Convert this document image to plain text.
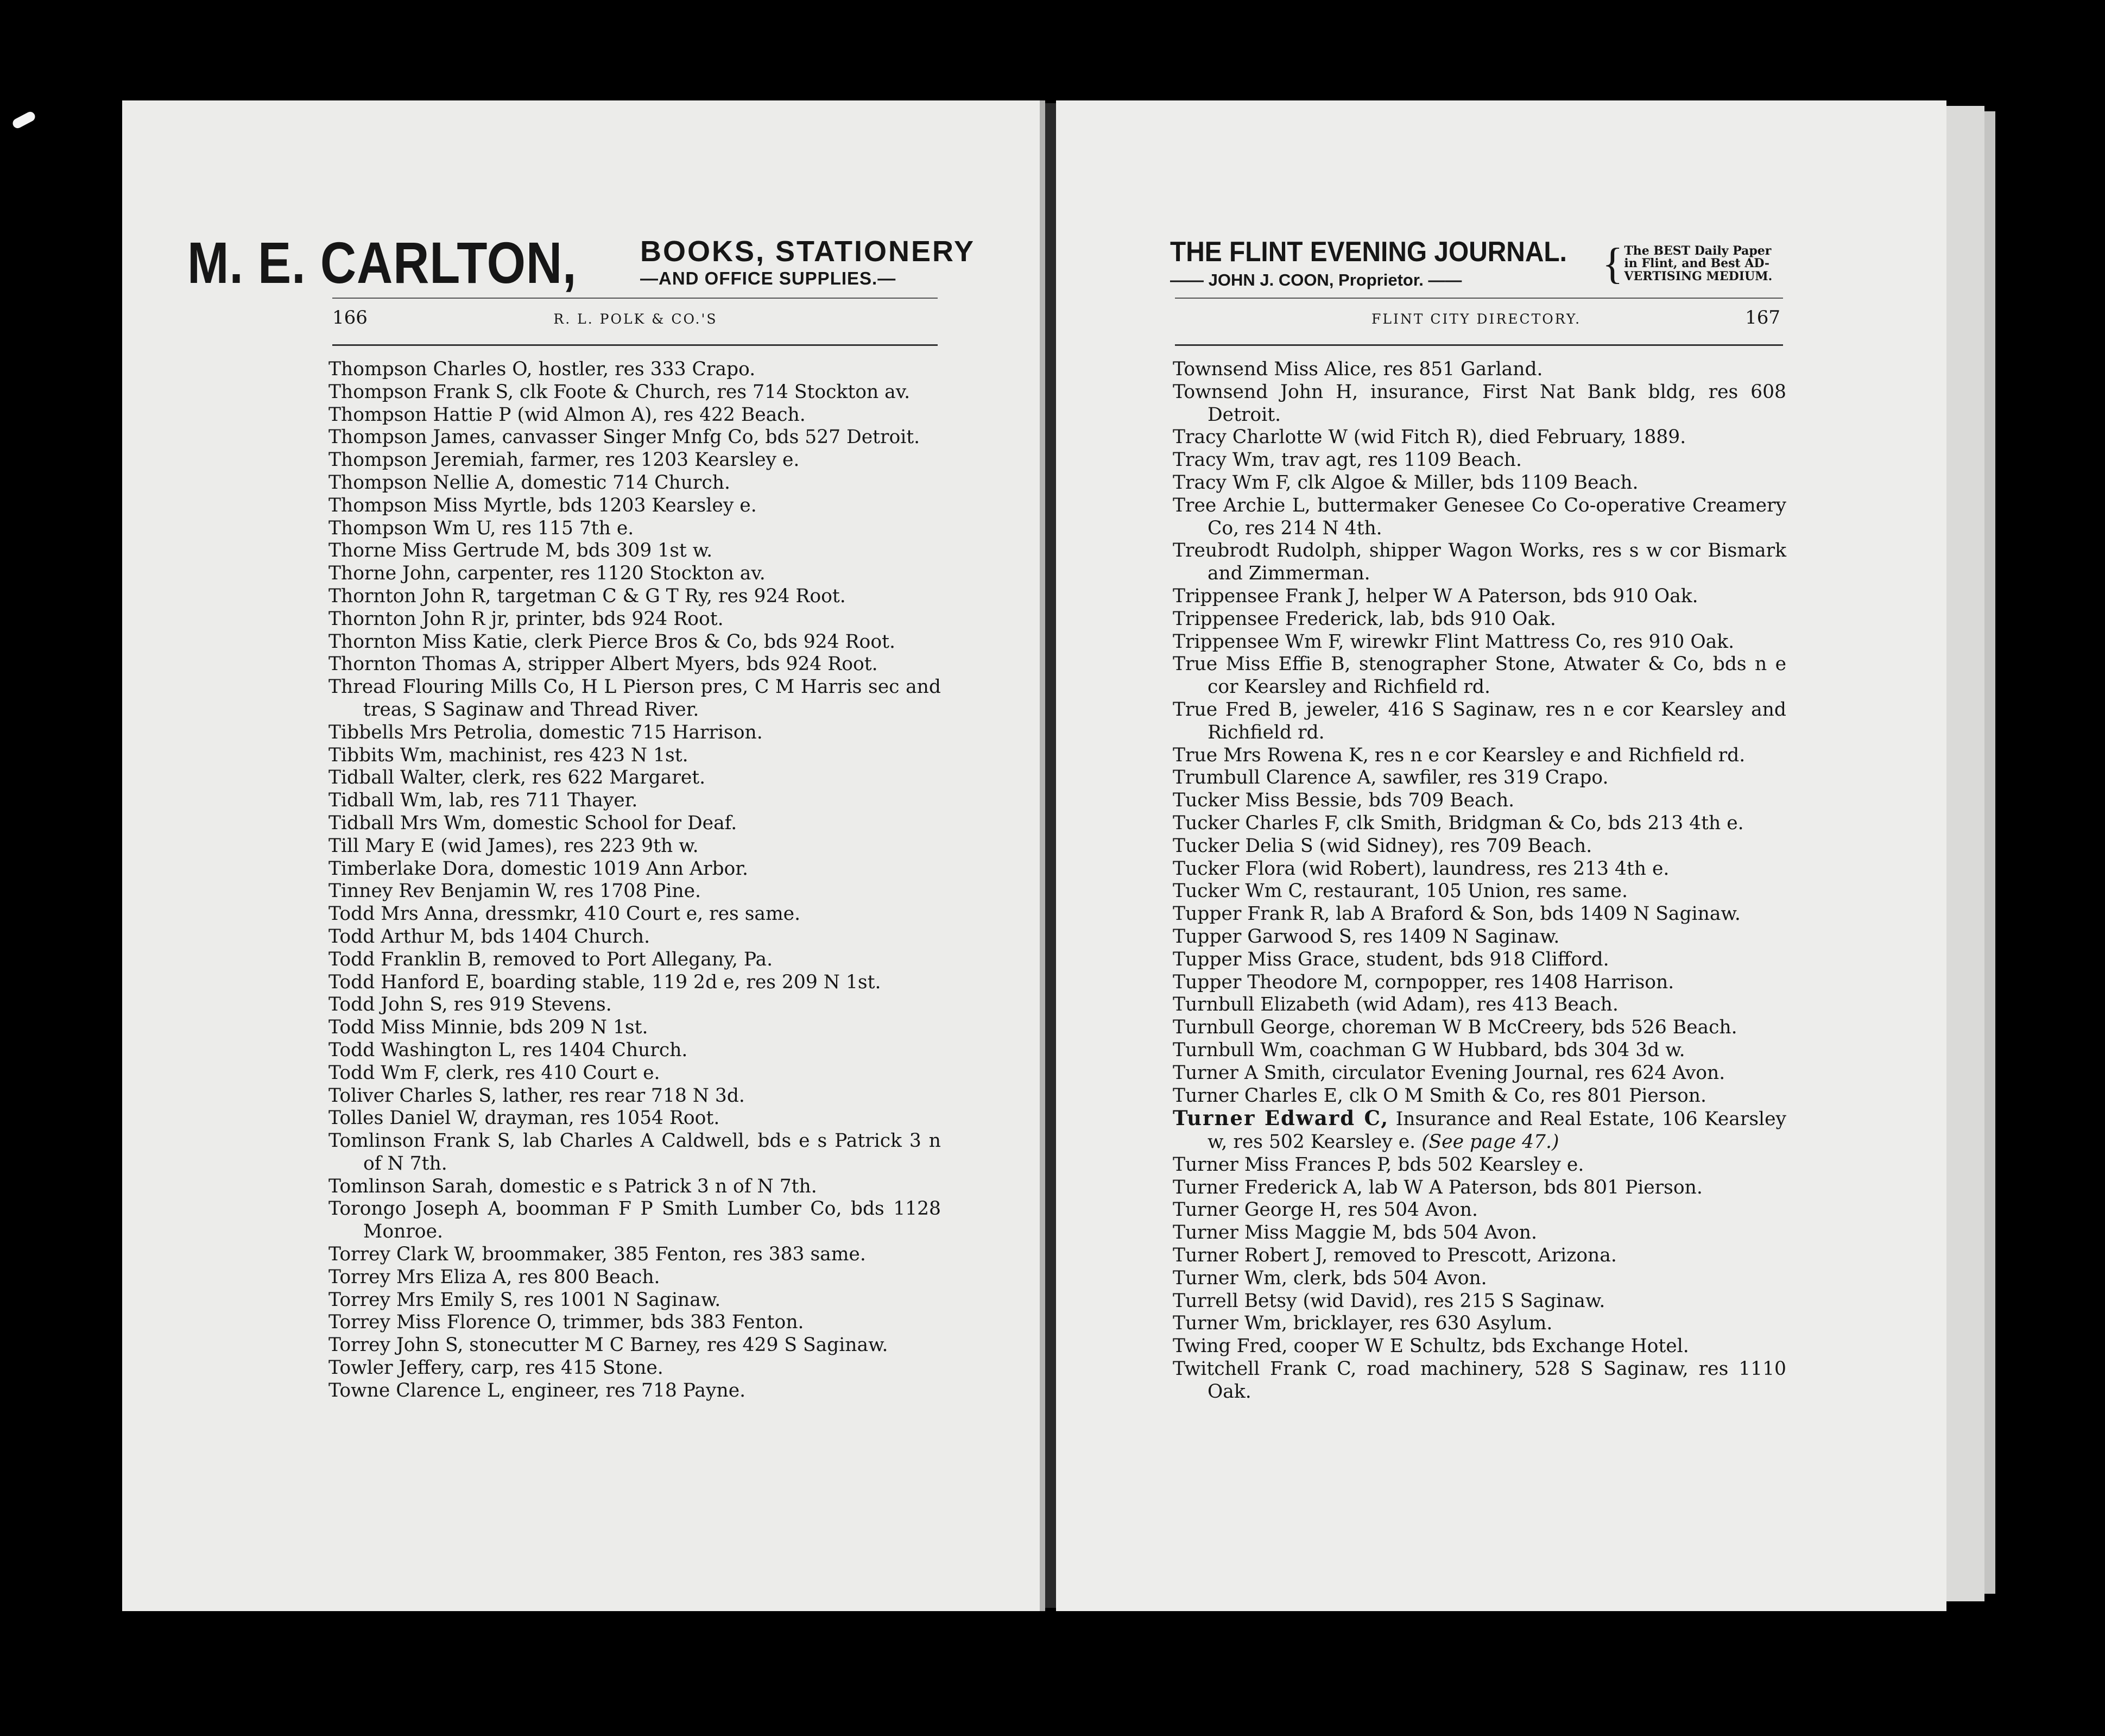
M. E. CARLTON, BOOKS, STATIONERY
—AND OFFICE SUPPLIES.—
166	R. L. POLK & CO.'S
Thompson Charles O, hostler, res 333 Crapo.
Thompson Frank S, clk Foote & Church, res 714 Stockton av.
Thompson Hattie P (wid Almon A), res 422 Beach.
Thompson James, canvasser Singer Mnfg Co, bds 527 Detroit.
Thompson Jeremiah, farmer, res 1203 Kearsley e.
Thompson Nellie A, domestic 714 Church.
Thompson Miss Myrtle, bds 1203 Kearsley e.
Thompson Wm U, res 115 7th e.
Thorne Miss Gertrude M, bds 309 1st w.
Thorne John, carpenter, res 1120 Stockton av.
Thornton John R, targetman C & G T Ry, res 924 Root.
Thornton John R jr, printer, bds 924 Root.
Thornton Miss Katie, clerk Pierce Bros & Co, bds 924 Root.
Thornton Thomas A, stripper Albert Myers, bds 924 Root.
Thread Flouring Mills Co, H L Pierson pres, C M Harris sec and treas, S Saginaw and Thread River.
Tibbells Mrs Petrolia, domestic 715 Harrison.
Tibbits Wm, machinist, res 423 N 1st.
Tidball Walter, clerk, res 622 Margaret.
Tidball Wm, lab, res 711 Thayer.
Tidball Mrs Wm, domestic School for Deaf.
Till Mary E (wid James), res 223 9th w.
Timberlake Dora, domestic 1019 Ann Arbor.
Tinney Rev Benjamin W, res 1708 Pine.
Todd Mrs Anna, dressmkr, 410 Court e, res same.
Todd Arthur M, bds 1404 Church.
Todd Franklin B, removed to Port Allegany, Pa.
Todd Hanford E, boarding stable, 119 2d e, res 209 N 1st.
Todd John S, res 919 Stevens.
Todd Miss Minnie, bds 209 N 1st.
Todd Washington L, res 1404 Church.
Todd Wm F, clerk, res 410 Court e.
Toliver Charles S, lather, res rear 718 N 3d.
Tolles Daniel W, drayman, res 1054 Root.
Tomlinson Frank S, lab Charles A Caldwell, bds e s Patrick 3 n of N 7th.
Tomlinson Sarah, domestic e s Patrick 3 n of N 7th.
Torongo Joseph A, boomman F P Smith Lumber Co, bds 1128 Monroe.
Torrey Clark W, broommaker, 385 Fenton, res 383 same.
Torrey Mrs Eliza A, res 800 Beach.
Torrey Mrs Emily S, res 1001 N Saginaw.
Torrey Miss Florence O, trimmer, bds 383 Fenton.
Torrey John S, stonecutter M C Barney, res 429 S Saginaw.
Towler Jeffery, carp, res 415 Stone.
Towne Clarence L, engineer, res 718 Payne.
THE FLINT EVENING JOURNAL.
—— JOHN J. COON, Proprietor. ——	{ The BEST Daily Paper
in Flint, and Best AD-
VERTISING MEDIUM.
FLINT CITY DIRECTORY.	167
Townsend Miss Alice, res 851 Garland.
Townsend John H, insurance, First Nat Bank bldg, res 608 Detroit.
Tracy Charlotte W (wid Fitch R), died February, 1889.
Tracy Wm, trav agt, res 1109 Beach.
Tracy Wm F, clk Algoe & Miller, bds 1109 Beach.
Tree Archie L, buttermaker Genesee Co Co-operative Creamery Co, res 214 N 4th.
Treubrodt Rudolph, shipper Wagon Works, res s w cor Bismark and Zimmerman.
Trippensee Frank J, helper W A Paterson, bds 910 Oak.
Trippensee Frederick, lab, bds 910 Oak.
Trippensee Wm F, wirewkr Flint Mattress Co, res 910 Oak.
True Miss Effie B, stenographer Stone, Atwater & Co, bds n e cor Kearsley and Richfield rd.
True Fred B, jeweler, 416 S Saginaw, res n e cor Kearsley and Richfield rd.
True Mrs Rowena K, res n e cor Kearsley e and Richfield rd.
Trumbull Clarence A, sawfiler, res 319 Crapo.
Tucker Miss Bessie, bds 709 Beach.
Tucker Charles F, clk Smith, Bridgman & Co, bds 213 4th e.
Tucker Delia S (wid Sidney), res 709 Beach.
Tucker Flora (wid Robert), laundress, res 213 4th e.
Tucker Wm C, restaurant, 105 Union, res same.
Tupper Frank R, lab A Braford & Son, bds 1409 N Saginaw.
Tupper Garwood S, res 1409 N Saginaw.
Tupper Miss Grace, student, bds 918 Clifford.
Tupper Theodore M, cornpopper, res 1408 Harrison.
Turnbull Elizabeth (wid Adam), res 413 Beach.
Turnbull George, choreman W B McCreery, bds 526 Beach.
Turnbull Wm, coachman G W Hubbard, bds 304 3d w.
Turner A Smith, circulator Evening Journal, res 624 Avon.
Turner Charles E, clk O M Smith & Co, res 801 Pierson.
Turner Edward C, Insurance and Real Estate, 106 Kearsley w, res 502 Kearsley e. (See page 47.)
Turner Miss Frances P, bds 502 Kearsley e.
Turner Frederick A, lab W A Paterson, bds 801 Pierson.
Turner George H, res 504 Avon.
Turner Miss Maggie M, bds 504 Avon.
Turner Robert J, removed to Prescott, Arizona.
Turner Wm, clerk, bds 504 Avon.
Turrell Betsy (wid David), res 215 S Saginaw.
Turner Wm, bricklayer, res 630 Asylum.
Twing Fred, cooper W E Schultz, bds Exchange Hotel.
Twitchell Frank C, road machinery, 528 S Saginaw, res 1110 Oak.
